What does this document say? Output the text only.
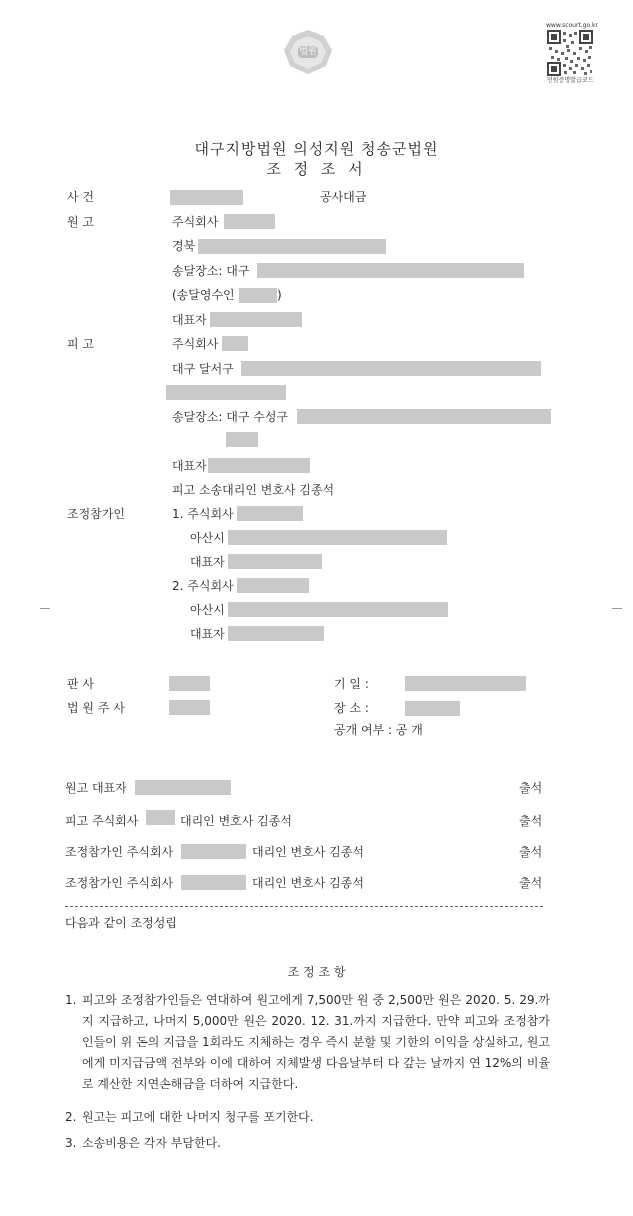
법원
www.scourt.go.kr
민원증명발급코드
대구지방법원 의성지원 청송군법원
조 정 조 서
사 건	공사대금
원 고	주식회사
경북
송달장소: 대구
(송달영수인	)
대표자
피 고	주식회사
대구 달서구
송달장소: 대구 수성구
대표자
피고 소송대리인 변호사 김종석
조정참가인	1. 주식회사
아산시
대표자
2. 주식회사
아산시
대표자
판 사
법 원 주 사
기 일 :
장 소 :
공개 여부 : 공 개
원고 대표자	출석
피고 주식회사	대리인 변호사 김종석	출석
조정참가인 주식회사	대리인 변호사 김종석	출석
조정참가인 주식회사	대리인 변호사 김종석	출석
다음과 같이 조정성립
조 정 조 항
1. 피고와 조정참가인들은 연대하여 원고에게 7,500만 원 중 2,500만 원은 2020. 5. 29.까지 지급하고, 나머지 5,000만 원은 2020. 12. 31.까지 지급한다. 만약 피고와 조정참가인들이 위 돈의 지급을 1회라도 지체하는 경우 즉시 분할 및 기한의 이익을 상실하고, 원고에게 미지급금액 전부와 이에 대하여 지체발생 다음날부터 다 갚는 날까지 연 12%의 비율로 계산한 지연손해금을 더하여 지급한다.
2. 원고는 피고에 대한 나머지 청구를 포기한다.
3. 소송비용은 각자 부담한다.
